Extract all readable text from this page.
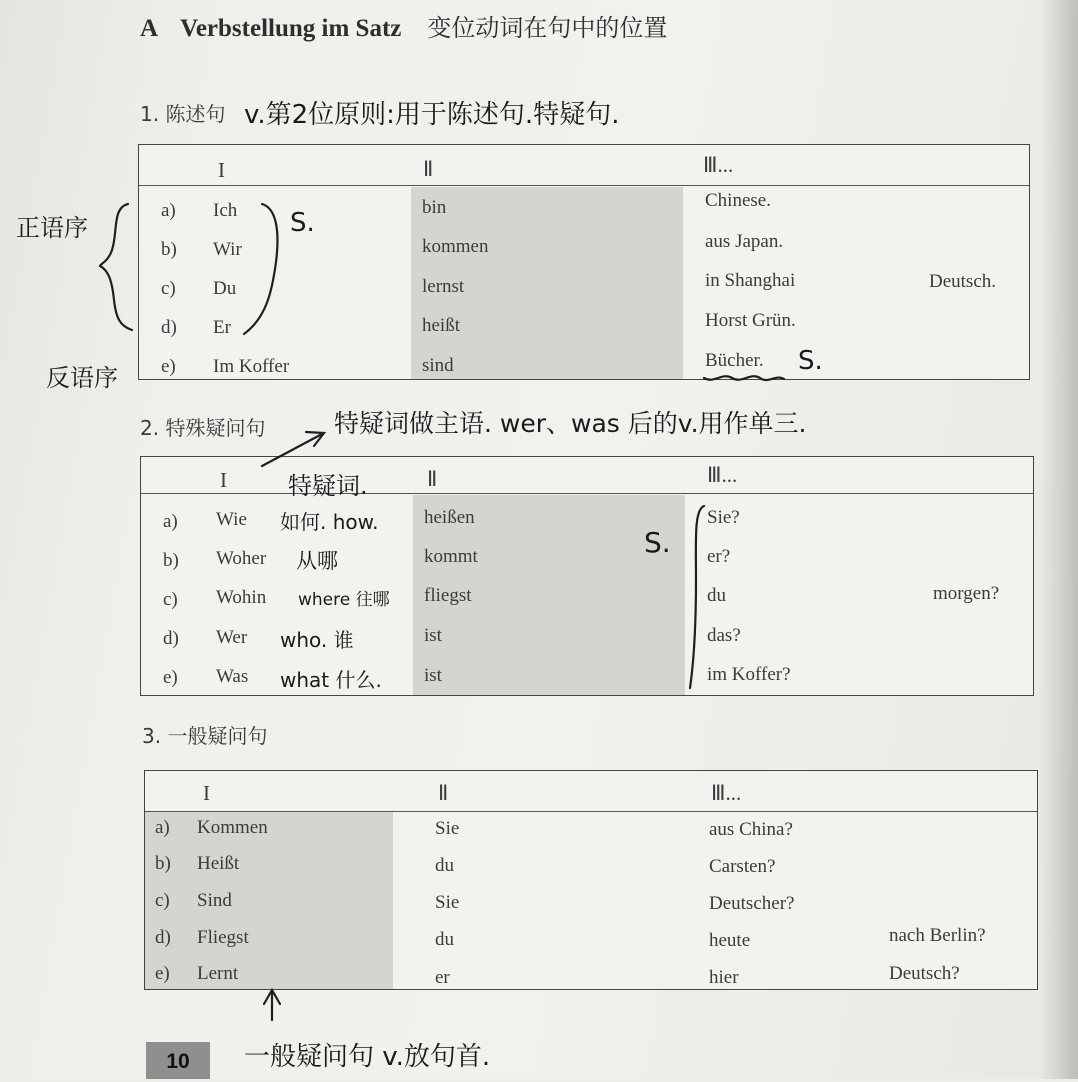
A Verbstellung im Satz 变位动词在句中的位置
1. 陈述句 v.第2位原则:用于陈述句.特疑句.
I	Ⅱ	Ⅲ...
a) Ich	bin	Chinese.
b) Wir	kommen	aus Japan.
c) Du	lernst	in Shanghai	Deutsch.
d) Er	heißt	Horst Grün.
e) Im Koffer	sind	Bücher.
正语序
反语序
S.
S.
2. 特殊疑问句	特疑词做主语. wer、was 后的v.用作单三.
I	Ⅱ	Ⅲ...
a) Wie	heißen	Sie?
b) Woher	kommt	er?
c) Wohin	fliegst	du	morgen?
d) Wer	ist	das?
e) Was	ist	im Koffer?
特疑词.
S.
如何. how.
从哪
where 往哪
who. 谁
what 什么.
3. 一般疑问句
I	Ⅱ	Ⅲ...
a) Kommen	Sie	aus China?
b) Heißt	du	Carsten?
c) Sind	Sie	Deutscher?
d) Fliegst	du	heute	nach Berlin?
e) Lernt	er	hier	Deutsch?
一般疑问句 v.放句首.
10
